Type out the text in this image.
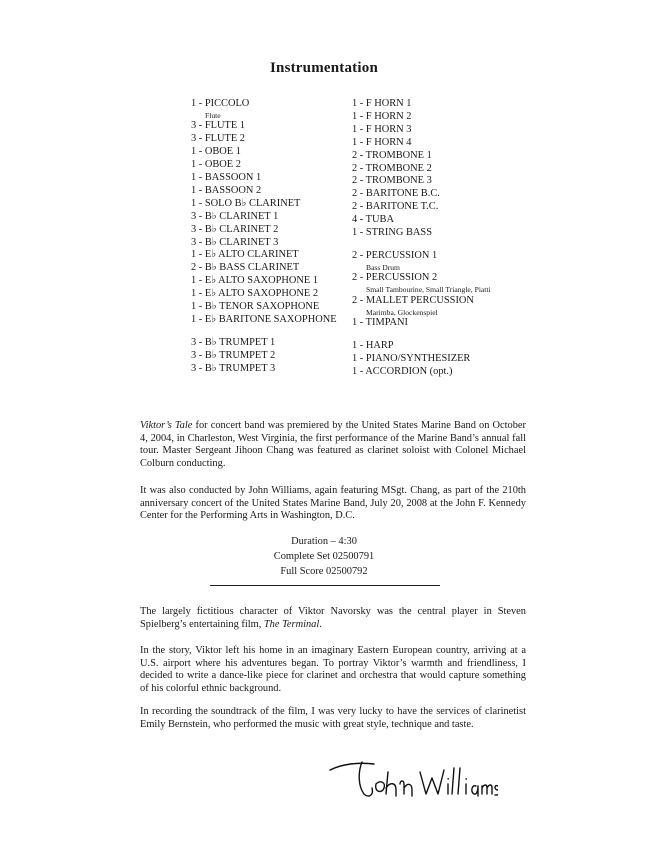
Instrumentation
1 - PICCOLO
Flute
3 - FLUTE 1
3 - FLUTE 2
1 - OBOE 1
1 - OBOE 2
1 - BASSOON 1
1 - BASSOON 2
1 - SOLO B♭ CLARINET
3 - B♭ CLARINET 1
3 - B♭ CLARINET 2
3 - B♭ CLARINET 3
1 - E♭ ALTO CLARINET
2 - B♭ BASS CLARINET
1 - E♭ ALTO SAXOPHONE 1
1 - E♭ ALTO SAXOPHONE 2
1 - B♭ TENOR SAXOPHONE
1 - E♭ BARITONE SAXOPHONE
3 - B♭ TRUMPET 1
3 - B♭ TRUMPET 2
3 - B♭ TRUMPET 3
1 - F HORN 1
1 - F HORN 2
1 - F HORN 3
1 - F HORN 4
2 - TROMBONE 1
2 - TROMBONE 2
2 - TROMBONE 3
2 - BARITONE B.C.
2 - BARITONE T.C.
4 - TUBA
1 - STRING BASS
2 - PERCUSSION 1
Bass Drum
2 - PERCUSSION 2
Small Tambourine, Small Triangle, Piatti
2 - MALLET PERCUSSION
Marimba, Glockenspiel
1 - TIMPANI
1 - HARP
1 - PIANO/SYNTHESIZER
1 - ACCORDION (opt.)
Viktor’s Tale for concert band was premiered by the United States Marine Band on October 4, 2004, in Charleston, West Virginia, the first performance of the Marine Band’s annual fall tour. Master Sergeant Jihoon Chang was featured as clarinet soloist with Colonel Michael Colburn conducting.
It was also conducted by John Williams, again featuring MSgt. Chang, as part of the 210th anniversary concert of the United States Marine Band, July 20, 2008 at the John F. Kennedy Center for the Performing Arts in Washington, D.C.
Duration – 4:30
Complete Set 02500791
Full Score 02500792
The largely fictitious character of Viktor Navorsky was the central player in Steven Spielberg’s entertaining film, The Terminal.
In the story, Viktor left his home in an imaginary Eastern European country, arriving at a U.S. airport where his adventures began. To portray Viktor’s warmth and friendliness, I decided to write a dance-like piece for clarinet and orchestra that would capture something of his colorful ethnic background.
In recording the soundtrack of the film, I was very lucky to have the services of clarinetist Emily Bernstein, who performed the music with great style, technique and taste.
